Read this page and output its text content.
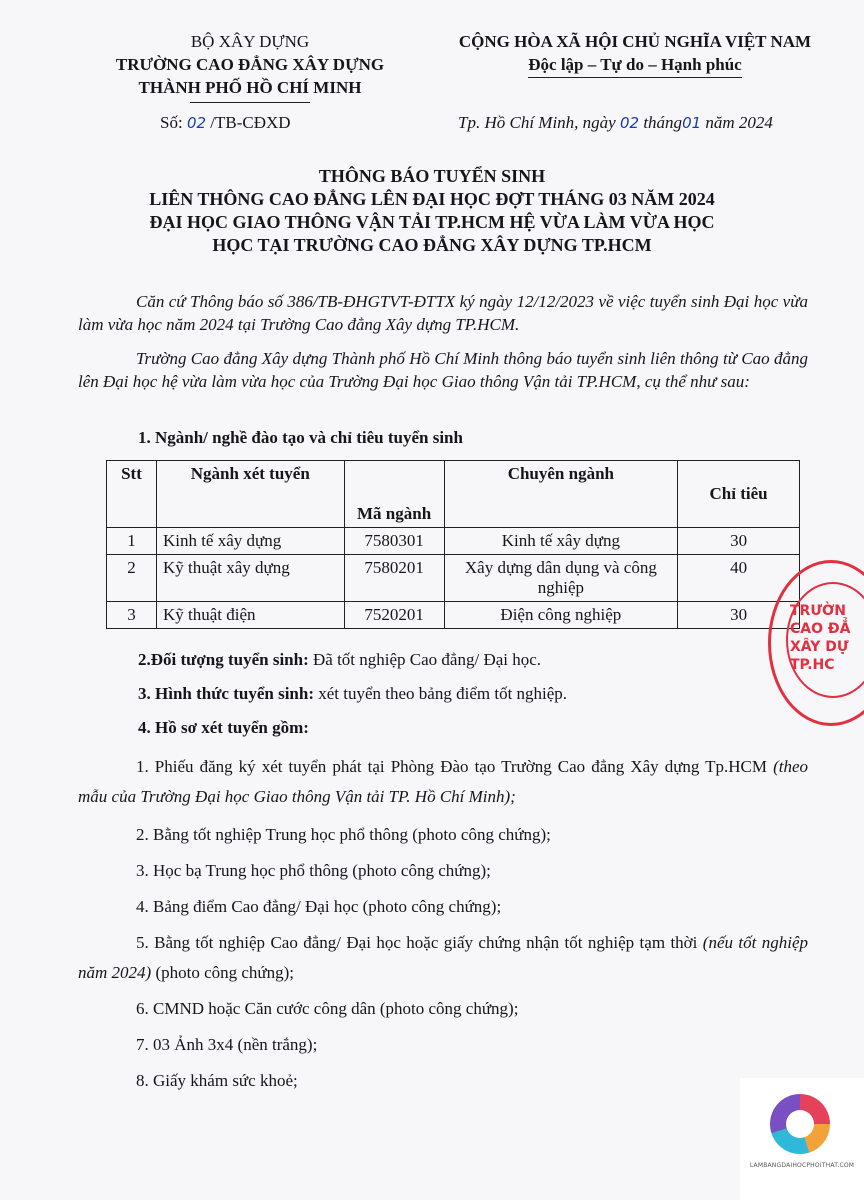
BỘ XÂY DỰNG
TRƯỜNG CAO ĐẲNG XÂY DỰNG
THÀNH PHỐ HỒ CHÍ MINH
CỘNG HÒA XÃ HỘI CHỦ NGHĨA VIỆT NAM
Độc lập – Tự do – Hạnh phúc
Số: 02 /TB-CĐXD	Tp. Hồ Chí Minh, ngày 02 tháng01 năm 2024
THÔNG BÁO TUYỂN SINH
LIÊN THÔNG CAO ĐẲNG LÊN ĐẠI HỌC ĐỢT THÁNG 03 NĂM 2024
ĐẠI HỌC GIAO THÔNG VẬN TẢI TP.HCM HỆ VỪA LÀM VỪA HỌC
HỌC TẠI TRƯỜNG CAO ĐẲNG XÂY DỰNG TP.HCM
Căn cứ Thông báo số 386/TB-ĐHGTVT-ĐTTX ký ngày 12/12/2023 về việc tuyển sinh Đại học vừa làm vừa học năm 2024 tại Trường Cao đẳng Xây dựng TP.HCM.
Trường Cao đẳng Xây dựng Thành phố Hồ Chí Minh thông báo tuyển sinh liên thông từ Cao đẳng lên Đại học hệ vừa làm vừa học của Trường Đại học Giao thông Vận tải TP.HCM, cụ thể như sau:
1. Ngành/ nghề đào tạo và chỉ tiêu tuyển sinh
Stt	Ngành xét tuyển	Mã ngành	Chuyên ngành	Chỉ tiêu
1	Kinh tế xây dựng	7580301	Kinh tế xây dựng	30
2	Kỹ thuật xây dựng	7580201	Xây dựng dân dụng và công nghiệp	40
3	Kỹ thuật điện	7520201	Điện công nghiệp	30
2.Đối tượng tuyển sinh: Đã tốt nghiệp Cao đẳng/ Đại học.
3. Hình thức tuyển sinh: xét tuyển theo bảng điểm tốt nghiệp.
4. Hồ sơ xét tuyển gồm:
1. Phiếu đăng ký xét tuyển phát tại Phòng Đào tạo Trường Cao đẳng Xây dựng Tp.HCM (theo mẫu của Trường Đại học Giao thông Vận tải TP. Hồ Chí Minh);
2. Bằng tốt nghiệp Trung học phổ thông (photo công chứng);
3. Học bạ Trung học phổ thông (photo công chứng);
4. Bảng điểm Cao đẳng/ Đại học (photo công chứng);
5. Bằng tốt nghiệp Cao đẳng/ Đại học hoặc giấy chứng nhận tốt nghiệp tạm thời (nếu tốt nghiệp năm 2024) (photo công chứng);
6. CMND hoặc Căn cước công dân (photo công chứng);
7. 03 Ảnh 3x4 (nền trắng);
8. Giấy khám sức khoẻ;
TRƯỜN CAO ĐẲ XÂY DỰ TP.HC
LAMBANGDAIHOCPHOITHAT.COM
